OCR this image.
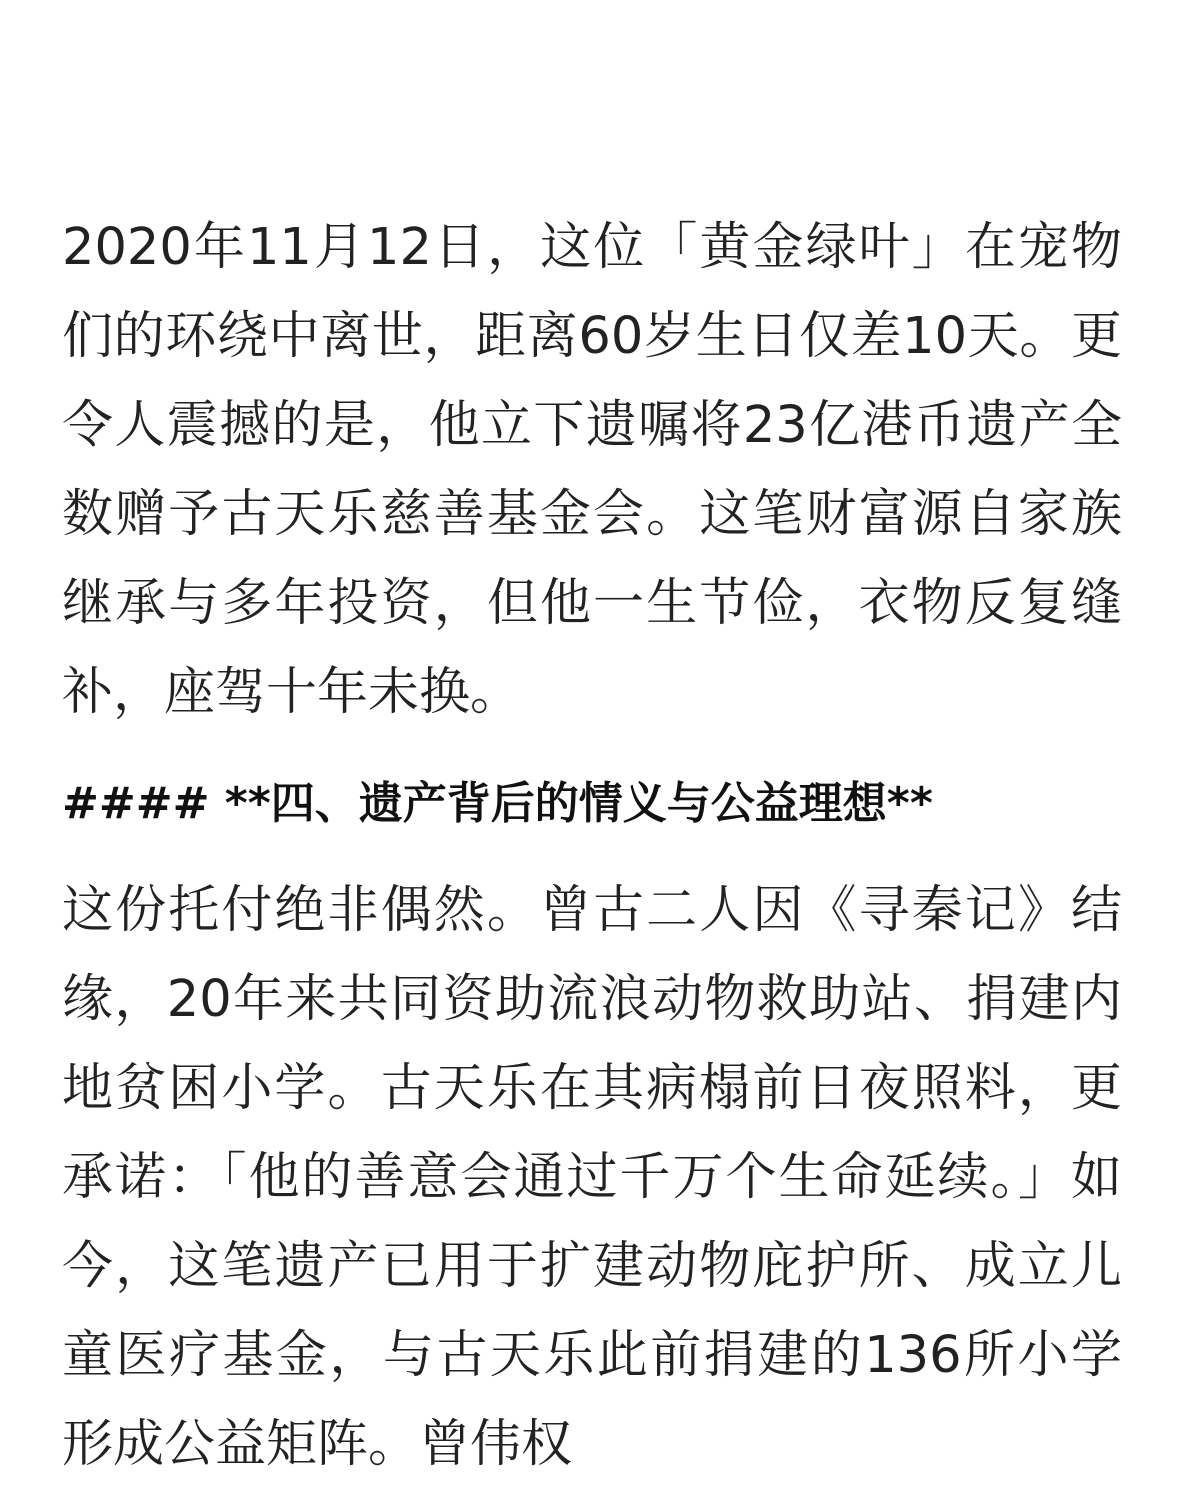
2020年11月12日，这位「黄金绿叶」在宠物们的环绕中离世，距离60岁生日仅差10天。更令人震撼的是，他立下遗嘱将23亿港币遗产全数赠予古天乐慈善基金会。这笔财富源自家族继承与多年投资，但他一生节俭，衣物反复缝补，座驾十年未换。

#### **四、遗产背后的情义与公益理想**

这份托付绝非偶然。曾古二人因《寻秦记》结缘，20年来共同资助流浪动物救助站、捐建内地贫困小学。古天乐在其病榻前日夜照料，更承诺：「他的善意会通过千万个生命延续。」如今，这笔遗产已用于扩建动物庇护所、成立儿童医疗基金，与古天乐此前捐建的136所小学形成公益矩阵。曾伟权
